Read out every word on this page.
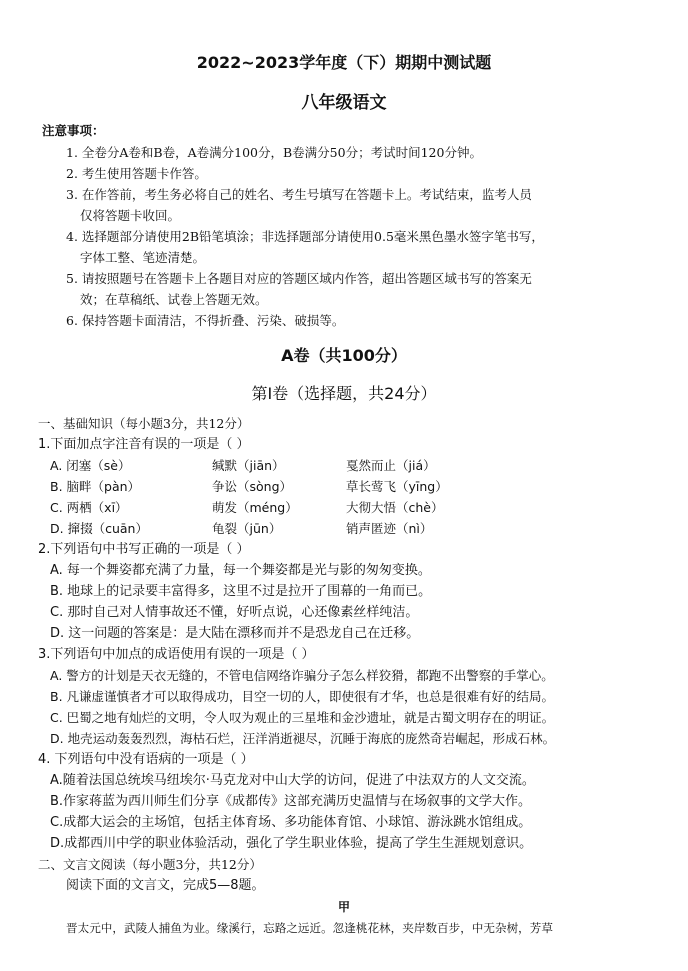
2022~2023学年度（下）期期中测试题
八年级语文
注意事项：
1. 全卷分A卷和B卷，A卷满分100分，B卷满分50分；考试时间120分钟。
2. 考生使用答题卡作答。
3. 在作答前，考生务必将自己的姓名、考生号填写在答题卡上。考试结束，监考人员
仅将答题卡收回。
4. 选择题部分请使用2B铅笔填涂；非选择题部分请使用0.5毫米黑色墨水签字笔书写，
字体工整、笔迹清楚。
5. 请按照题号在答题卡上各题目对应的答题区域内作答，超出答题区域书写的答案无
效；在草稿纸、试卷上答题无效。
6. 保持答题卡面清洁，不得折叠、污染、破损等。
A卷（共100分）
第Ⅰ卷（选择题，共24分）
一、基础知识（每小题3分，共12分）
1.下面加点字注音有误的一项是（ ）
A. 闭塞（sè）	缄默（jiān）	戛然而止（jiá）
B. 脑畔（pàn）	争讼（sòng）	草长莺飞（yīng）
C. 两栖（xī）	萌发（méng）	大彻大悟（chè）
D. 撺掇（cuān）	龟裂（jūn）	销声匿迹（nì）
2.下列语句中书写正确的一项是（ ）
A. 每一个舞姿都充满了力量，每一个舞姿都是光与影的匆匆变换。
B. 地球上的记录要丰富得多，这里不过是拉开了围幕的一角而已。
C. 那时自己对人情事故还不懂，好听点说，心还像素丝样纯洁。
D. 这一问题的答案是：是大陆在漂移而并不是恐龙自己在迁移。
3.下列语句中加点的成语使用有误的一项是（ ）
A. 警方的计划是天衣无缝的，不管电信网络诈骗分子怎么样狡猾，都跑不出警察的手掌心。
B. 凡谦虚谨慎者才可以取得成功，目空一切的人，即使很有才华，也总是很难有好的结局。
C. 巴蜀之地有灿烂的文明，令人叹为观止的三星堆和金沙遗址，就是古蜀文明存在的明证。
D. 地壳运动轰轰烈烈，海枯石烂，汪洋消逝褪尽，沉睡于海底的庞然奇岩崛起，形成石林。
4. 下列语句中没有语病的一项是（ ）
A.随着法国总统埃马纽埃尔·马克龙对中山大学的访问，促进了中法双方的人文交流。
B.作家蒋蓝为西川师生们分享《成都传》这部充满历史温情与在场叙事的文学大作。
C.成都大运会的主场馆，包括主体育场、多功能体育馆、小球馆、游泳跳水馆组成。
D.成都西川中学的职业体验活动，强化了学生职业体验，提高了学生生涯规划意识。
二、文言文阅读（每小题3分，共12分）
阅读下面的文言文，完成5—8题。
甲
晋太元中，武陵人捕鱼为业。缘溪行，忘路之远近。忽逢桃花林，夹岸数百步，中无杂树，芳草
